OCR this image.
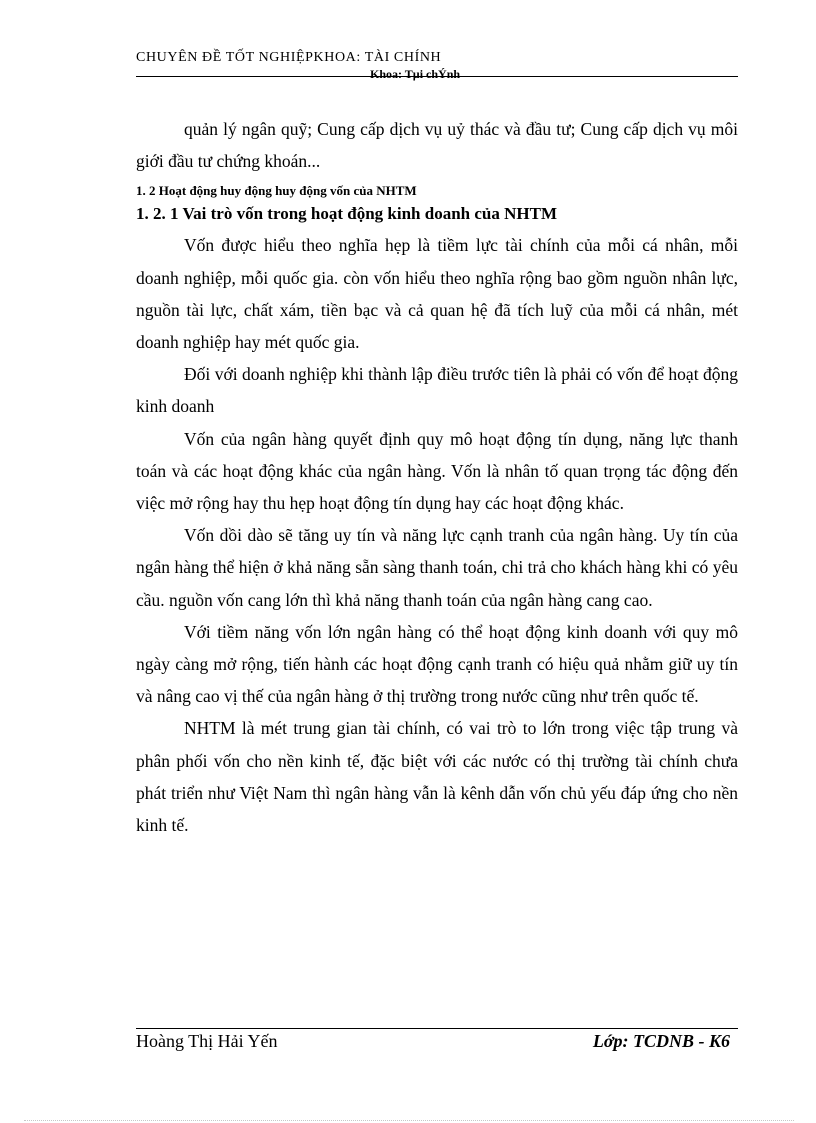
CHUYÊN ĐỀ TỐT NGHIỆPKHOA: TÀI CHÍNH
Khoa: Tµi chÝnh

quản lý ngân quỹ; Cung cấp dịch vụ uỷ thác và đầu tư; Cung cấp dịch vụ môi giới đầu tư chứng khoán...

1. 2 Hoạt động huy động huy động vốn của NHTM
1. 2. 1 Vai trò vốn trong hoạt động kinh doanh của NHTM

Vốn được hiểu theo nghĩa hẹp là tiềm lực tài chính của mỗi cá nhân, mỗi doanh nghiệp, mỗi quốc gia. còn vốn hiểu theo nghĩa rộng bao gồm nguồn nhân lực, nguồn tài lực, chất xám, tiền bạc và cả quan hệ đã tích luỹ của mỗi cá nhân, mét doanh nghiệp hay mét quốc gia.

Đối với doanh nghiệp khi thành lập điều trước tiên là phải có vốn để hoạt động kinh doanh

Vốn của ngân hàng quyết định quy mô hoạt động tín dụng, năng lực thanh toán và các hoạt động khác của ngân hàng. Vốn là nhân tố quan trọng tác động đến việc mở rộng hay thu hẹp hoạt động tín dụng hay các hoạt động khác.

Vốn dồi dào sẽ tăng uy tín và năng lực cạnh tranh của ngân hàng. Uy tín của ngân hàng thể hiện ở khả năng sẵn sàng thanh toán, chi trả cho khách hàng khi có yêu cầu. nguồn vốn cang lớn thì khả năng thanh toán của ngân hàng cang cao.

Với tiềm năng vốn lớn ngân hàng có thể hoạt động kinh doanh với quy mô ngày càng mở rộng, tiến hành các hoạt động cạnh tranh có hiệu quả nhằm giữ uy tín và nâng cao vị thế của ngân hàng ở thị trường trong nước cũng như trên quốc tế.

NHTM là mét trung gian tài chính, có vai trò to lớn trong việc tập trung và phân phối vốn cho nền kinh tế, đặc biệt với các nước có thị trường tài chính chưa phát triển như Việt Nam thì ngân hàng vẫn là kênh dẫn vốn chủ yếu đáp ứng cho nền kinh tế.

Hoàng Thị Hải Yến	Lớp: TCDNB - K6
